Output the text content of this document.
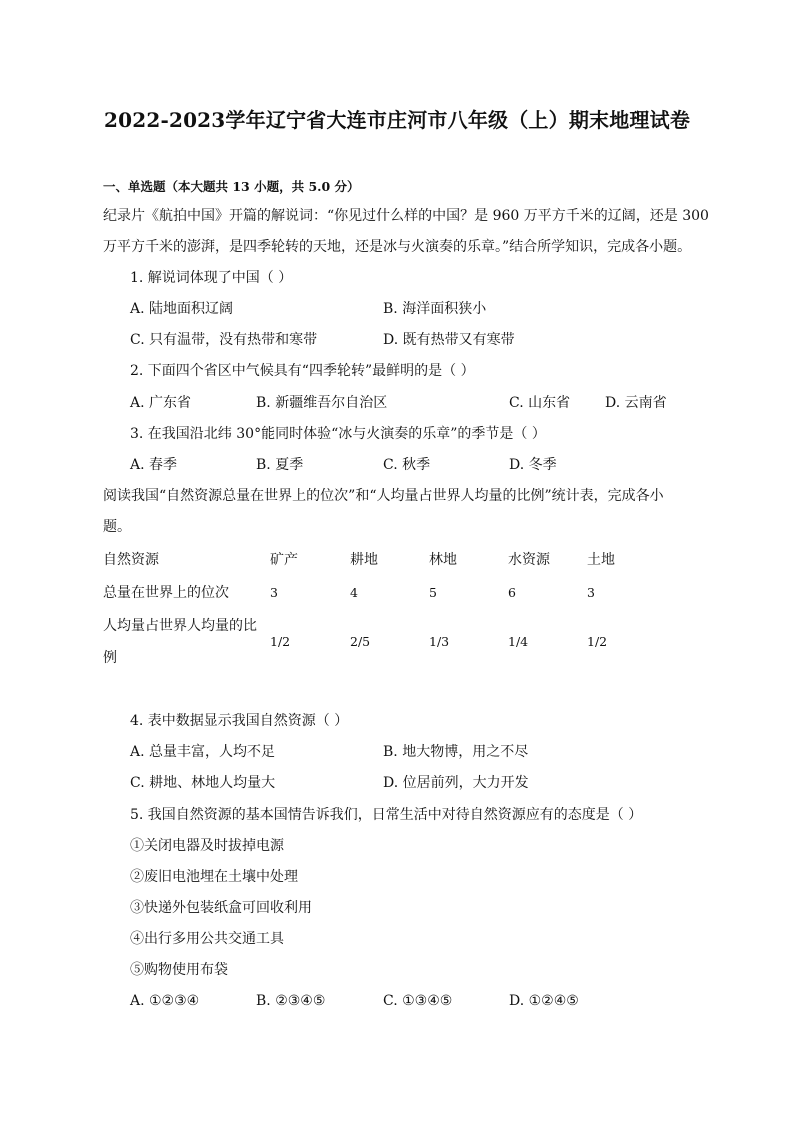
2022-2023学年辽宁省大连市庄河市八年级（上）期末地理试卷
一、单选题（本大题共 13 小题，共 5.0 分）
纪录片《航拍中国》开篇的解说词：“你见过什么样的中国？是 960 万平方千米的辽阔，还是 300
万平方千米的澎湃，是四季轮转的天地，还是冰与火演奏的乐章。”结合所学知识，完成各小题。
1. 解说词体现了中国（ ）
A. 陆地面积辽阔	B. 海洋面积狭小
C. 只有温带，没有热带和寒带	D. 既有热带又有寒带
2. 下面四个省区中气候具有“四季轮转”最鲜明的是（ ）
A. 广东省	B. 新疆维吾尔自治区	C. 山东省 D. 云南省
3. 在我国沿北纬 30°能同时体验“冰与火演奏的乐章”的季节是（ ）
A. 春季	B. 夏季	C. 秋季	D. 冬季
阅读我国“自然资源总量在世界上的位次”和“人均量占世界人均量的比例”统计表，完成各小
题。
自然资源	矿产	耕地	林地	水资源	土地
总量在世界上的位次	3	4	5	6	3
人均量占世界人均量的比
例
1/2	2/5	1/3	1/4	1/2
4. 表中数据显示我国自然资源（ ）
A. 总量丰富，人均不足	B. 地大物博，用之不尽
C. 耕地、林地人均量大	D. 位居前列，大力开发
5. 我国自然资源的基本国情告诉我们，日常生活中对待自然资源应有的态度是（ ）
①关闭电器及时拔掉电源
②废旧电池埋在土壤中处理
③快递外包装纸盒可回收利用
④出行多用公共交通工具
⑤购物使用布袋
A. ①②③④	B. ②③④⑤	C. ①③④⑤	D. ①②④⑤
